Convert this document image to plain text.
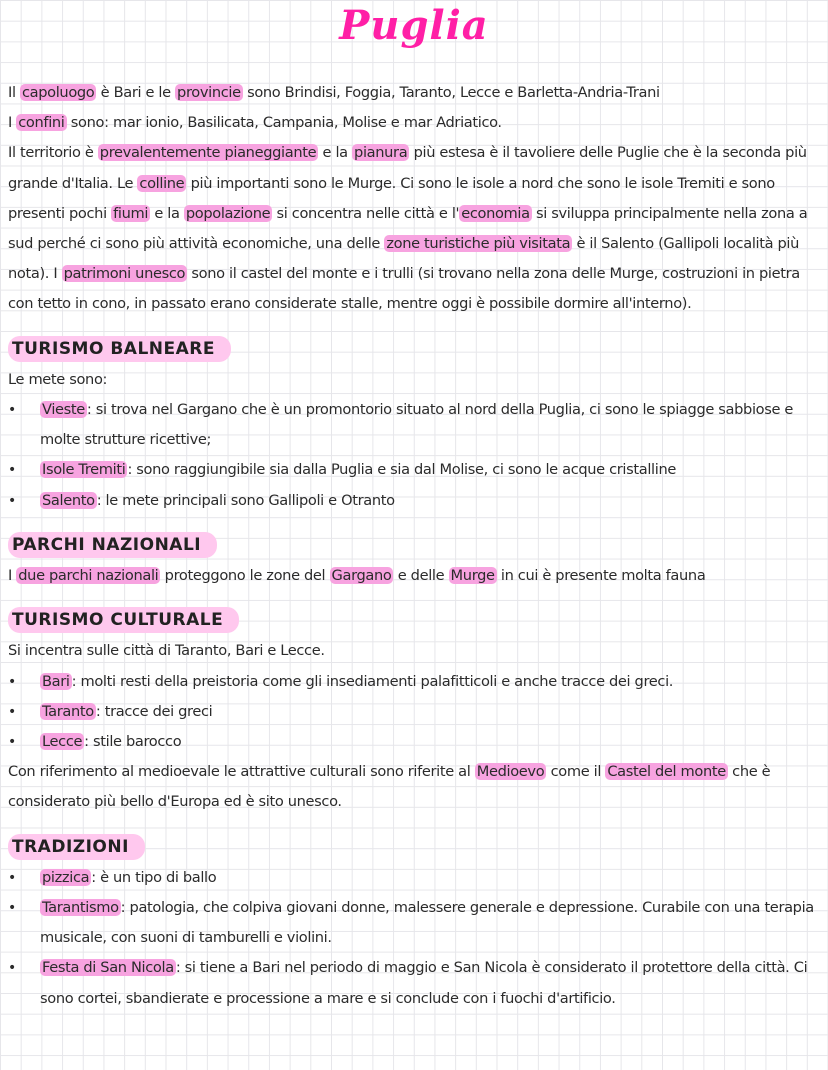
Puglia

Il capoluogo è Bari e le provincie sono Brindisi, Foggia, Taranto, Lecce e Barletta-Andria-Trani

I confini sono: mar ionio, Basilicata, Campania, Molise e mar Adriatico.

Il territorio è prevalentemente pianeggiante e la pianura più estesa è il tavoliere delle Puglie che è la seconda più grande d'Italia. Le colline più importanti sono le Murge. Ci sono le isole a nord che sono le isole Tremiti e sono presenti pochi fiumi e la popolazione si concentra nelle città e l' economia si sviluppa principalmente nella zona a sud perché ci sono più attività economiche, una delle zone turistiche più visitata è il Salento (Gallipoli località più nota). I patrimoni unesco sono il castel del monte e i trulli (si trovano nella zona delle Murge, costruzioni in pietra con tetto in cono, in passato erano considerate stalle, mentre oggi è possibile dormire all'interno).

TURISMO BALNEARE

Le mete sono:

• Vieste : si trova nel Gargano che è un promontorio situato al nord della Puglia, ci sono le spiagge sabbiose e molte strutture ricettive;
• Isole Tremiti : sono raggiungibile sia dalla Puglia e sia dal Molise, ci sono le acque cristalline
• Salento : le mete principali sono Gallipoli e Otranto
PARCHI NAZIONALI

I due parchi nazionali proteggono le zone del Gargano e delle Murge in cui è presente molta fauna

TURISMO CULTURALE

Si incentra sulle città di Taranto, Bari e Lecce.

• Bari : molti resti della preistoria come gli insediamenti palafitticoli e anche tracce dei greci.
• Taranto : tracce dei greci
• Lecce : stile barocco

Con riferimento al medioevale le attrattive culturali sono riferite al Medioevo come il Castel del monte che è considerato più bello d'Europa ed è sito unesco.

TRADIZIONI
• pizzica : è un tipo di ballo
• Tarantismo : patologia, che colpiva giovani donne, malessere generale e depressione. Curabile con una terapia musicale, con suoni di tamburelli e violini.
• Festa di San Nicola : si tiene a Bari nel periodo di maggio e San Nicola è considerato il protettore della città. Ci sono cortei, sbandierate e processione a mare e si conclude con i fuochi d'artificio.
